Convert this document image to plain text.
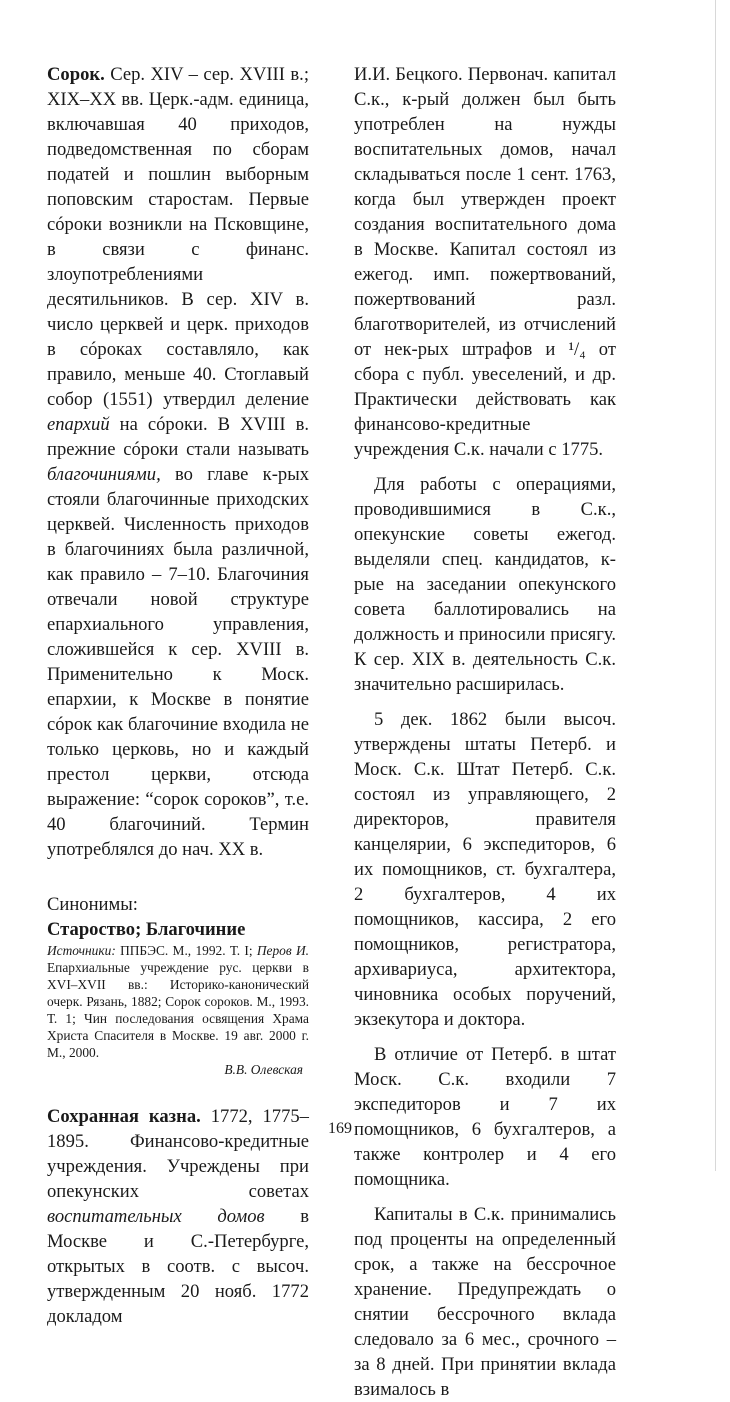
Сорок. Сер. XIV – сер. XVIII в.; XIX–XX вв. Церк.-адм. единица, включавшая 40 приходов, подведомственная по сборам податей и пошлин выборным поповским старостам. Первые сóроки возникли на Псковщине, в связи с финанс. злоупотреблениями десятильников. В сер. XIV в. число церквей и церк. приходов в сóроках составляло, как правило, меньше 40. Стоглавый собор (1551) утвердил деление епархий на сóроки. В XVIII в. прежние сóроки стали называть благочиниями, во главе к-рых стояли благочинные приходских церквей. Численность приходов в благочиниях была различной, как правило – 7–10. Благочиния отвечали новой структуре епархиального управления, сложившейся к сер. XVIII в. Применительно к Моск. епархии, к Москве в понятие сóрок как благочиние входила не только церковь, но и каждый престол церкви, отсюда выражение: “сорок сороков”, т.е. 40 благочиний. Термин употреблялся до нач. XX в.

Синонимы:

Староство; Благочиние

Источники: ППБЭС. М., 1992. Т. I; Перов И. Епархиальные учреждение рус. церкви в XVI–XVII вв.: Историко-канонический очерк. Рязань, 1882; Сорок сороков. М., 1993. Т. 1; Чин последования освящения Храма Христа Спасителя в Москве. 19 авг. 2000 г. М., 2000.

В.В. Олевская

Сохранная казна. 1772, 1775–1895. Финансово-кредитные учреждения. Учреждены при опекунских советах воспитательных домов в Москве и С.-Петербурге, открытых в соотв. с высоч. утвержденным 20 нояб. 1772 докладом

И.И. Бецкого. Первонач. капитал С.к., к-рый должен был быть употреблен на нужды воспитательных домов, начал складываться после 1 сент. 1763, когда был утвержден проект создания воспитательного дома в Москве. Капитал состоял из ежегод. имп. пожертвований, пожертвований разл. благотворителей, из отчислений от нек-рых штрафов и ¹/₄ от сбора с публ. увеселений, и др. Практически действовать как финансово-кредитные учреждения С.к. начали с 1775.

Для работы с операциями, проводившимися в С.к., опекунские советы ежегод. выделяли спец. кандидатов, к-рые на заседании опекунского совета баллотировались на должность и приносили присягу. К сер. XIX в. деятельность С.к. значительно расширилась.

5 дек. 1862 были высоч. утверждены штаты Петерб. и Моск. С.к. Штат Петерб. С.к. состоял из управляющего, 2 директоров, правителя канцелярии, 6 экспедиторов, 6 их помощников, ст. бухгалтера, 2 бухгалтеров, 4 их помощников, кассира, 2 его помощников, регистратора, архивариуса, архитектора, чиновника особых поручений, экзекутора и доктора.

В отличие от Петерб. в штат Моск. С.к. входили 7 экспедиторов и 7 их помощников, 6 бухгалтеров, а также контролер и 4 его помощника.

Капиталы в С.к. принимались под проценты на определенный срок, а также на бессрочное хранение. Предупреждать о снятии бессрочного вклада следовало за 6 мес., срочного – за 8 дней. При принятии вклада взималось в

169
